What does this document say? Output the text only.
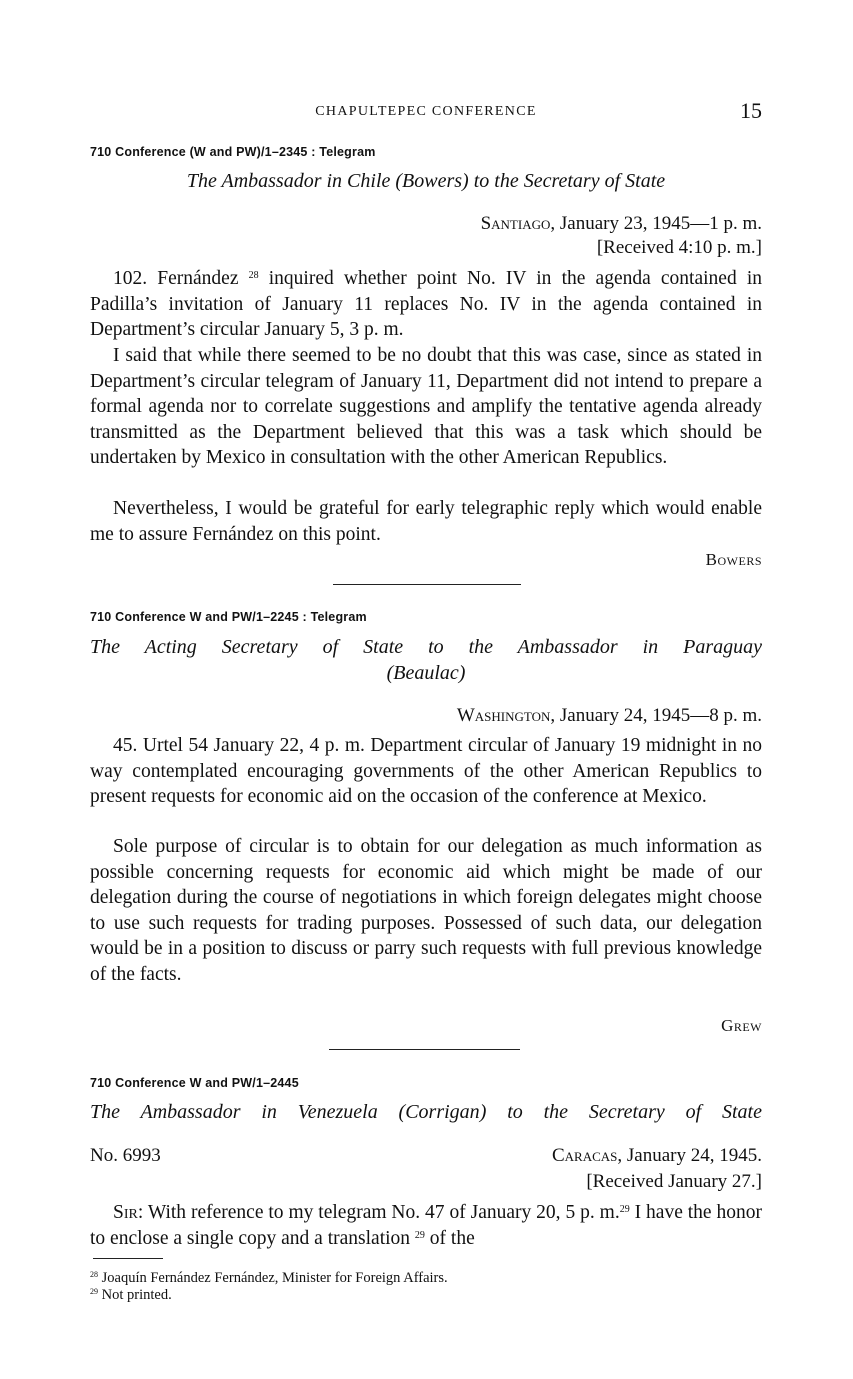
CHAPULTEPEC CONFERENCE	15
710 Conference (W and PW)/1–2345 : Telegram
The Ambassador in Chile (Bowers) to the Secretary of State
Santiago, January 23, 1945—1 p. m.
[Received 4:10 p. m.]

102. Fernández $^{28}$ inquired whether point No. IV in the agenda contained in Padilla’s invitation of January 11 replaces No. IV in the agenda contained in Department’s circular January 5, 3 p. m.

I said that while there seemed to be no doubt that this was case, since as stated in Department’s circular telegram of January 11, Department did not intend to prepare a formal agenda nor to correlate suggestions and amplify the tentative agenda already transmitted as the Department believed that this was a task which should be undertaken by Mexico in consultation with the other American Republics.

Nevertheless, I would be grateful for early telegraphic reply which would enable me to assure Fernández on this point.

Bowers
710 Conference W and PW/1–2245 : Telegram
The Acting Secretary of State to the Ambassador in Paraguay
(Beaulac)
Washington, January 24, 1945—8 p. m.

45. Urtel 54 January 22, 4 p. m. Department circular of January 19 midnight in no way contemplated encouraging governments of the other American Republics to present requests for economic aid on the occasion of the conference at Mexico.

Sole purpose of circular is to obtain for our delegation as much information as possible concerning requests for economic aid which might be made of our delegation during the course of negotiations in which foreign delegates might choose to use such requests for trading purposes. Possessed of such data, our delegation would be in a position to discuss or parry such requests with full previous knowledge of the facts.

Grew
710 Conference W and PW/1–2445
The Ambassador in Venezuela (Corrigan) to the Secretary of State
No. 6993	Caracas, January 24, 1945.
[Received January 27.]

Sir: With reference to my telegram No. 47 of January 20, 5 p. m.$^{29}$ I have the honor to enclose a single copy and a translation $^{29}$ of the

$^{28}$ Joaquín Fernández Fernández, Minister for Foreign Affairs.
$^{29}$ Not printed.
